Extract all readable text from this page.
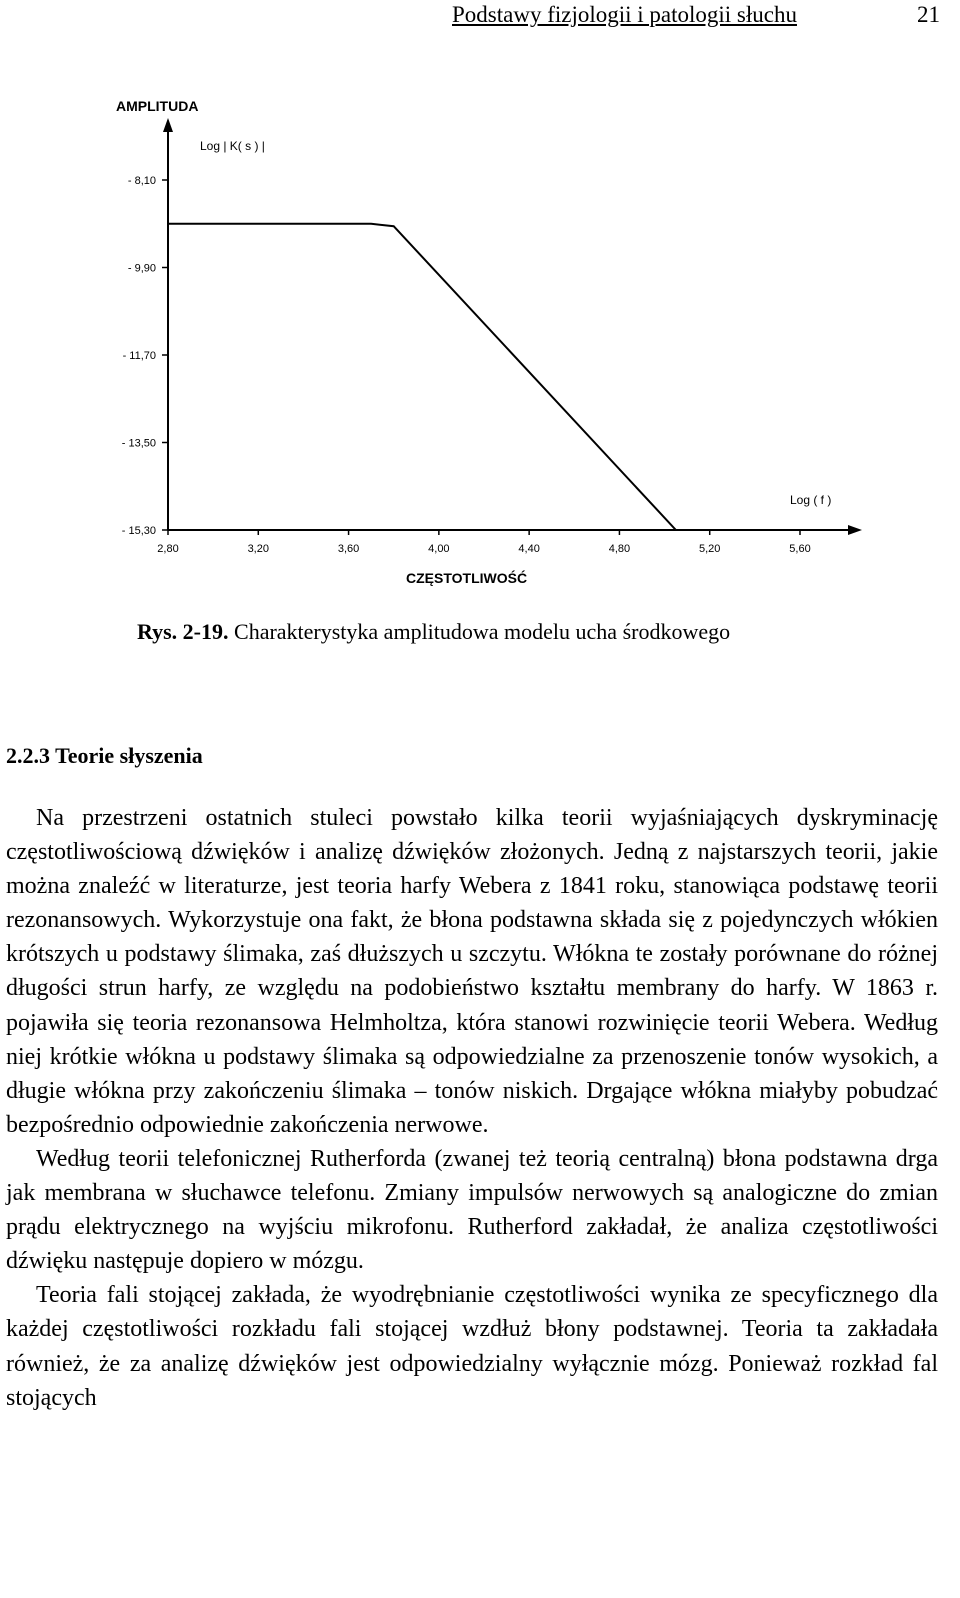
Podstawy fizjologii i patologii słuchu	21
AMPLITUDA
Log | K( s ) |
Log ( f )
CZĘSTOTLIWOŚĆ
- 8,10
- 9,90
- 11,70
- 13,50
- 15,30
2,80	3,20	3,60	4,00	4,40	4,80	5,20	5,60
Rys. 2-19. Charakterystyka amplitudowa modelu ucha środkowego
2.2.3 Teorie słyszenia

Na przestrzeni ostatnich stuleci powstało kilka teorii wyjaśniających dyskryminację częstotliwościową dźwięków i analizę dźwięków złożonych. Jedną z najstarszych teorii, jakie można znaleźć w literaturze, jest teoria harfy Webera z 1841 roku, stanowiąca podstawę teorii rezonansowych. Wykorzystuje ona fakt, że błona podstawna składa się z pojedynczych włókien krótszych u podstawy ślimaka, zaś dłuższych u szczytu. Włókna te zostały porównane do różnej długości strun harfy, ze względu na podobieństwo kształtu membrany do harfy. W 1863 r. pojawiła się teoria rezonansowa Helmholtza, która stanowi rozwinięcie teorii Webera. Według niej krótkie włókna u podstawy ślimaka są odpowiedzialne za przenoszenie tonów wysokich, a długie włókna przy zakończeniu ślimaka – tonów niskich. Drgające włókna miałyby pobudzać bezpośrednio odpowiednie zakończenia nerwowe.

Według teorii telefonicznej Rutherforda (zwanej też teorią centralną) błona podstawna drga jak membrana w słuchawce telefonu. Zmiany impulsów nerwowych są analogiczne do zmian prądu elektrycznego na wyjściu mikrofonu. Rutherford zakładał, że analiza częstotliwości dźwięku następuje dopiero w mózgu.

Teoria fali stojącej zakłada, że wyodrębnianie częstotliwości wynika ze specyficznego dla każdej częstotliwości rozkładu fali stojącej wzdłuż błony podstawnej. Teoria ta zakładała również, że za analizę dźwięków jest odpowiedzialny wyłącznie mózg. Ponieważ rozkład fal stojących
